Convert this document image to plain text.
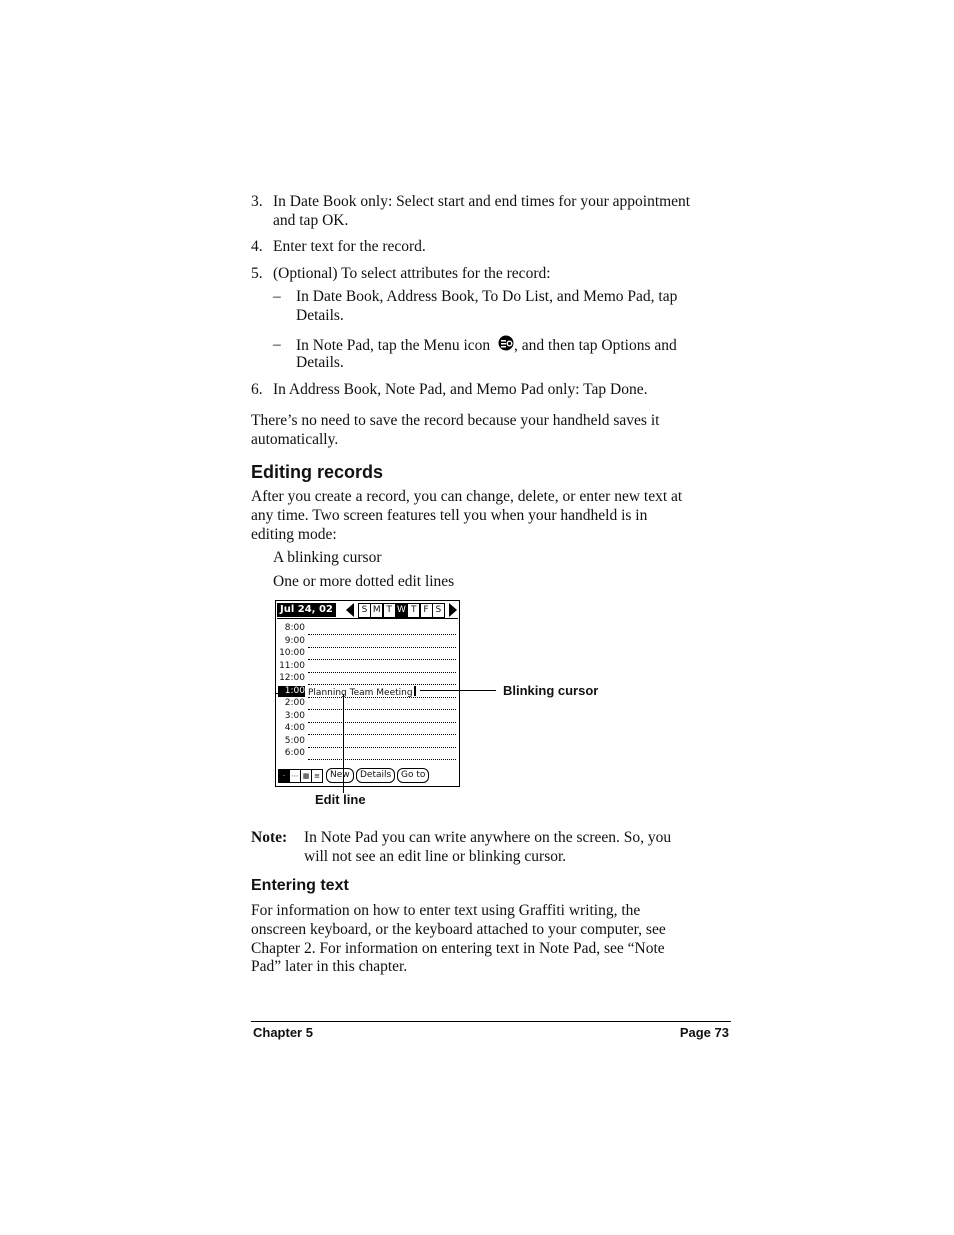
3. In Date Book only: Select start and end times for your appointment
and tap OK.
4. Enter text for the record.
5. (Optional) To select attributes for the record:
– In Date Book, Address Book, To Do List, and Memo Pad, tap
Details.
– In Note Pad, tap the Menu icon , and then tap Options and
Details.
6. In Address Book, Note Pad, and Memo Pad only: Tap Done.
There’s no need to save the record because your handheld saves it
automatically.
Editing records
After you create a record, you can change, delete, or enter new text at
any time. Two screen features tell you when your handheld is in
editing mode:
A blinking cursor
One or more dotted edit lines
Jul 24, 02	S M T W T F S
8:00
9:00
10:00
11:00
12:00
1:00 Planning Team Meeting
2:00
3:00
4:00
5:00
6:00
· ⋯ ▦ ≡	New	Details	Go to
Blinking cursor
Edit line
Note: In Note Pad you can write anywhere on the screen. So, you
will not see an edit line or blinking cursor.
Entering text
For information on how to enter text using Graffiti writing, the
onscreen keyboard, or the keyboard attached to your computer, see
Chapter 2. For information on entering text in Note Pad, see “Note
Pad” later in this chapter.
Chapter 5	Page 73
